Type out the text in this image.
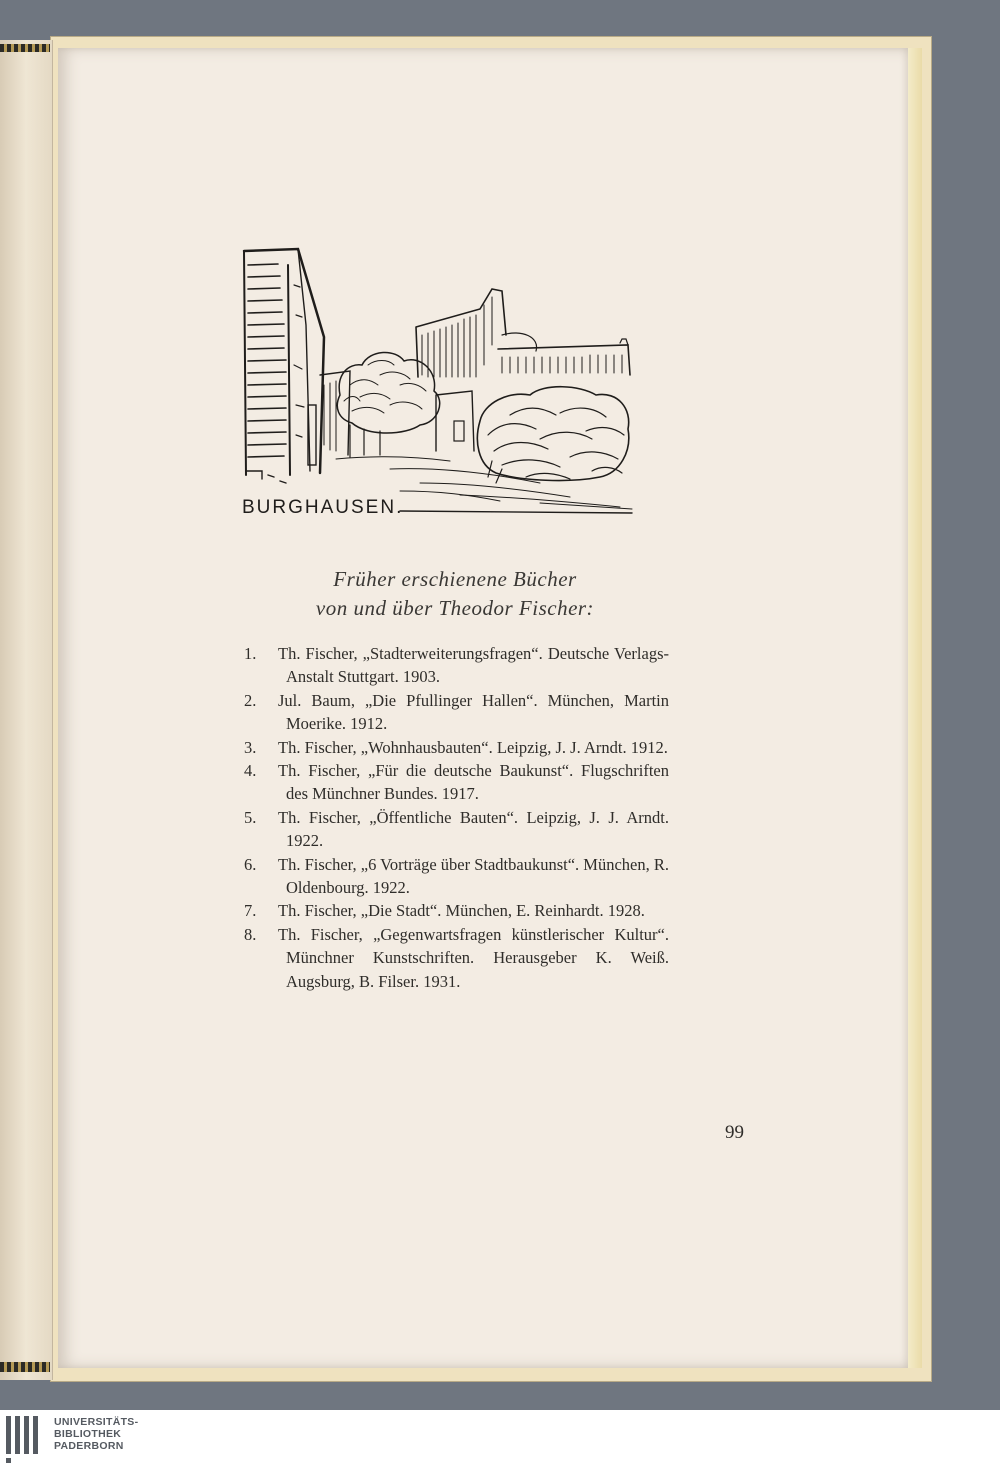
BURGHAUSEN.
Früher erschienene Bücher
von und über Theodor Fischer:
1. Th. Fischer, „Stadterweiterungsfragen“. Deutsche Verlags-Anstalt Stuttgart. 1903.
2. Jul. Baum, „Die Pfullinger Hallen“. München, Martin Moerike. 1912.
3. Th. Fischer, „Wohnhausbauten“. Leipzig, J. J. Arndt. 1912.
4. Th. Fischer, „Für die deutsche Baukunst“. Flugschriften des Münchner Bundes. 1917.
5. Th. Fischer, „Öffentliche Bauten“. Leipzig, J. J. Arndt. 1922.
6. Th. Fischer, „6 Vorträge über Stadtbaukunst“. München, R. Oldenbourg. 1922.
7. Th. Fischer, „Die Stadt“. München, E. Reinhardt. 1928.
8. Th. Fischer, „Gegenwartsfragen künstlerischer Kultur“. Münchner Kunstschriften. Herausgeber K. Weiß. Augsburg, B. Filser. 1931.
99
UNIVERSITÄTS-
BIBLIOTHEK
PADERBORN
